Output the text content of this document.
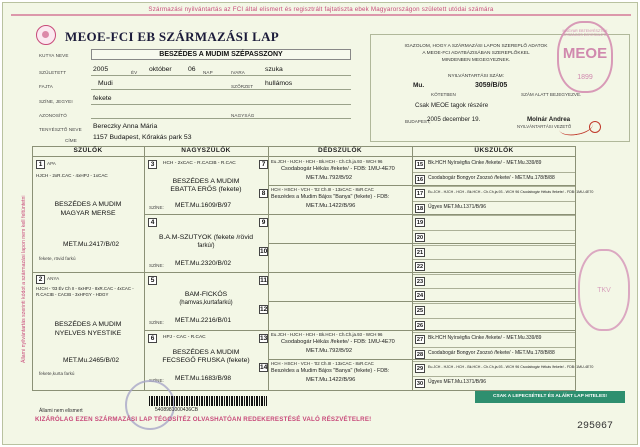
Származási nyilvántartás az FCI által elismert és regisztrált fajtatiszta ebek Magyarországon született utódai számára
MEOE-FCI EB SZÁRMAZÁSI LAP
KUTYA NEVE	BESZÉDES A MUDIM SZÉPASSZONY
SZÜLETETT	2005	ÉV október 06 NAP	IVARA	szuka
FAJTA	Mudi	SZŐRZET hullámos
SZÍNE, JEGYEI	fekete
AZONOSÍTÓ	NAGYSÁG
TENYÉSZTŐ NEVE Bereczky Anna Mária
CÍME 1157 Budapest, Kőrakás park 53
IGAZOLOM, HOGY A SZÁRMAZÁSI LAPON SZEREPLŐ ADATOK
A MEOE-FCI ADATBÁZISÁBAN SZEREPLŐKKEL
MINDENBEN MEGEGYEZNEK.
NYILVÁNTARTÁSI SZÁM:
Mu.	3059/B/05
KÖTETBEN	SZÁM ALATT BEJEGYEZVE.
Csak MEOE tagok részére
BUDAPEST,
2005 december 19.	Molnár Andrea
NYILVÁNTARTÁSI VEZETŐ
MAGYAR EBTENYÉSZTŐK ORSZÁGOS EGYESÜLETE
MEOE
1899
Állami nyilvántartás szerinti kódot a származási lapon nem kell feltüntetni
SZÜLŐK	NAGYSZÜLŐK	DÉDSZÜLŐK	ÜKSZÜLŐK
1	APA
HJCH - 2xR.CAC - 4xHPJ - 1xCAC
BESZÉDES A MUDIM
MAGYAR MERSE
MET.Mu.2417/B/02
fekete, rövid farkú
2	ANYA
HJCH - '03 Év Ch II - 6xHPJ - 8xR.CAC - 4xCAC - R.CACIB - CACIB - 3xHFGY - HDGY
BESZÉDES A MUDIM
NYELVES NYESTIKE
MET.Mu.2465/B/02
fekete,kurta farkú
3	HCH - 2xCAC - R.CACIB - R.CAC
BESZÉDES A MUDIM
EBATTA ERŐS (fekete)
SZÍNE: MET.Mu.1609/B/97
4
B.A.M-SZUTYOK (fekete /rövid
farkú/)
SZÍNE: MET.Mu.2320/B/02
5
BAM-FICKÓS
(hamvas,kurtafarkú)
SZÍNE: MET.Mu.2216/B/01
6	HPJ - CAC - R.CAC
BESZÉDES A MUDIM
FECSEGŐ FRUSKA (fekete)
SZÍNE: MET.Mu.1683/B/98
7	Eu.JCH - HJCH - HCH - Bk.HCH - Ch.Ch.ja.93 - WCH 96
Csodabogár Hékás /fekete/ - FDB: 1MU-4E70
MET.Mu.792/B/92
8
HCH - HSCH - VCH - '02 Ch.III - 13xCAC - 8xR.CAC
Beszédes a Mudim Bájos "Banya" (fekete) - FDB:
MET.Mu.1422/B/96
9
10
11
12
13
Eu.JCH - HJCH - HCH - Bk.HCH - Ch.Ch.ja.93 - WCH 96
Csodabogár Hékás /fekete/ - FDB: 1MU-4E70
MET.Mu.792/B/92
14
HCH - HSCH - VCH - '02 Ch.III - 13xCAC - 8xR.CAC
Beszédes a Mudim Bájos "Banya" (fekete) - FDB:
MET.Mu.1422/B/96
15 Bk.HCH Nyírségfia Cinke /fekete/ - MET.Mu.339/89
16 Csodabogár Bongyor Zsozsó /fekete/ - MET.Mu.178/B/88
17	Eu.JCH - HJCH - HCH - Bk.HCH - Ch.Ch.ja.93 - WCH 96 Csodabogár Hékás /fekete/ - FDB: 1MU-4E70
18 Ügyes MET.Mu.1371/B/96
19
20
21
22
23
24
25
26
27 Bk.HCH Nyírségfia Cinke /fekete/ - MET.Mu.339/89
28 Csodabogár Bongyor Zsozsó /fekete/ - MET.Mu.178/B/88
29	Eu.JCH - HJCH - HCH - Bk.HCH - Ch.Ch.ja.93 - WCH 96 Csodabogár Hékás /fekete/ - FDB: 1MU-4E70
30 Ügyes MET.Mu.1371/B/96
TKV
5408981000436CB
Állami nem elismert
KIZÁRÓLAG EZEN SZÁRMAZÁSI LAP TÉGOSÍTÉZ OLVASHATÓAN REDEKERESTÉSÉ VALÓ RÉSZVÉTELRE!
CSAK A LEPECSÉTELT ÉS ALÁÍRT LAP HITELES!
295067
